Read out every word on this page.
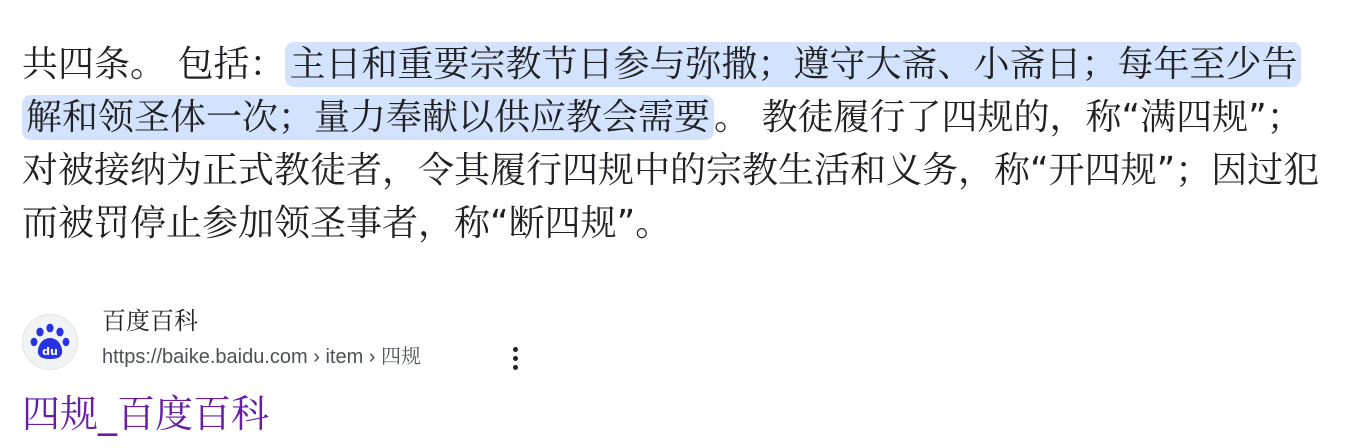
共四条。 包括： 主日和重要宗教节日参与弥撒；遵守大斋、小斋日；每年至少告解和领圣体一次；量力奉献以供应教会需要 。 教徒履行了四规的，称“满四规”；对被接纳为正式教徒者，令其履行四规中的宗教生活和义务，称“开四规”；因过犯而被罚停止参加领圣事者，称“断四规”。
du
百度百科
https://baike.baidu.com › item › 四规
四规_百度百科
